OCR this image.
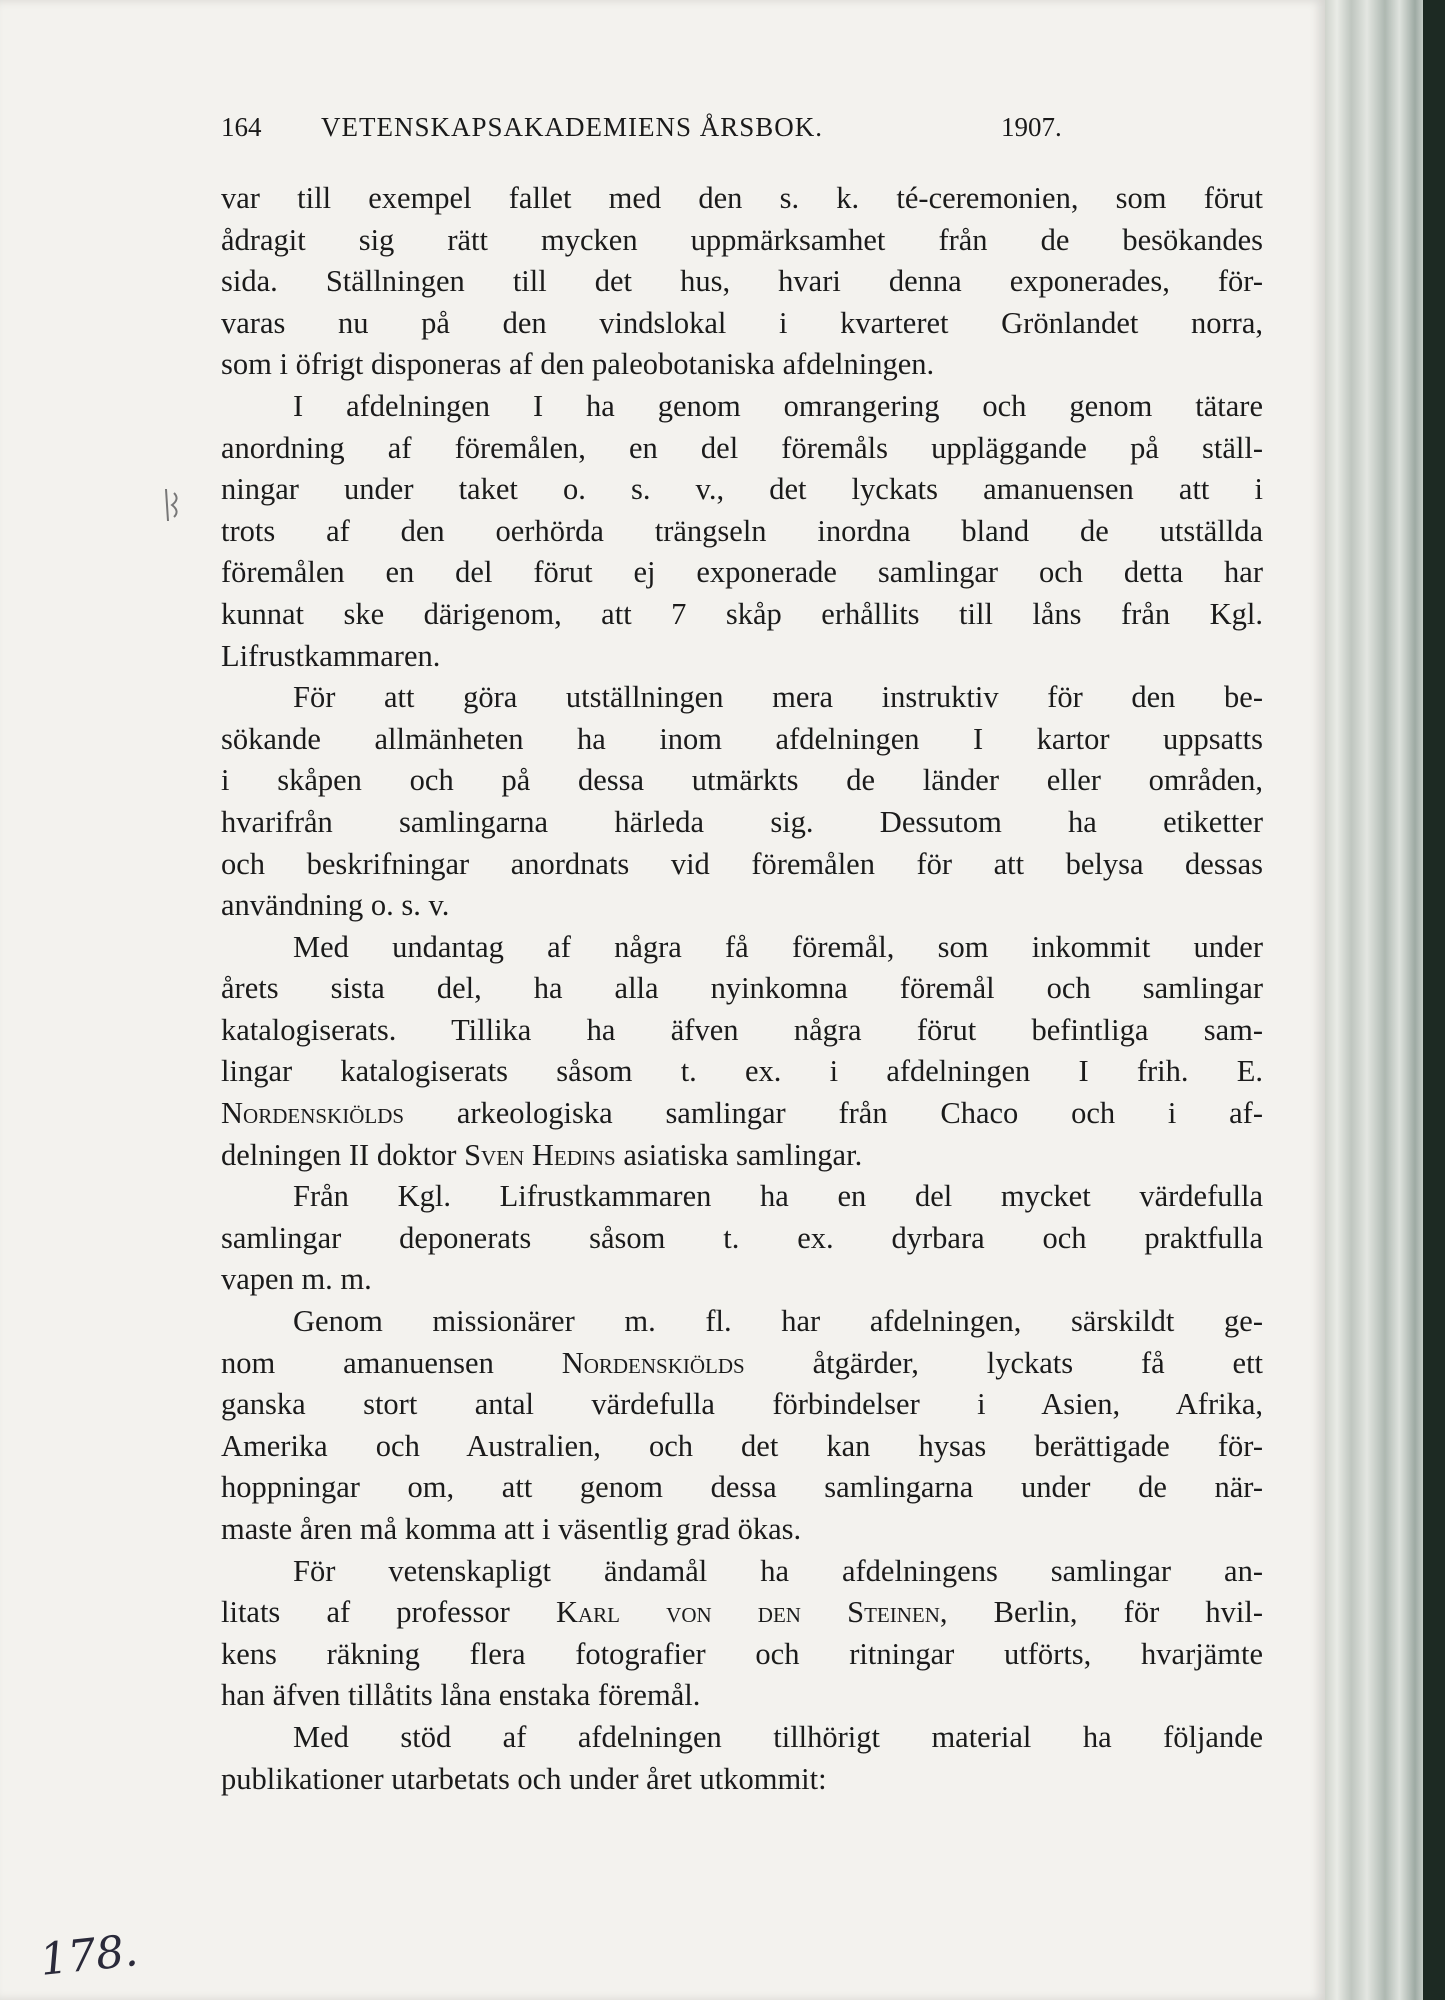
164 VETENSKAPSAKADEMIENS ÅRSBOK.	1907.

var till exempel fallet med den s. k. té-ceremonien, som förut

ådragit sig rätt mycken uppmärksamhet från de besökandes

sida. Ställningen till det hus, hvari denna exponerades, för-

varas nu på den vindslokal i kvarteret Grönlandet norra,

som i öfrigt disponeras af den paleobotaniska afdelningen.

I afdelningen I ha genom omrangering och genom tätare

anordning af föremålen, en del föremåls uppläggande på ställ-

ningar under taket o. s. v., det lyckats amanuensen att i

trots af den oerhörda trängseln inordna bland de utställda

föremålen en del förut ej exponerade samlingar och detta har

kunnat ske därigenom, att 7 skåp erhållits till låns från Kgl.

Lifrustkammaren.

För att göra utställningen mera instruktiv för den be-

sökande allmänheten ha inom afdelningen I kartor uppsatts

i skåpen och på dessa utmärkts de länder eller områden,

hvarifrån samlingarna härleda sig. Dessutom ha etiketter

och beskrifningar anordnats vid föremålen för att belysa dessas

användning o. s. v.

Med undantag af några få föremål, som inkommit under

årets sista del, ha alla nyinkomna föremål och samlingar

katalogiserats. Tillika ha äfven några förut befintliga sam-

lingar katalogiserats såsom t. ex. i afdelningen I frih. E.

Nordenskiölds arkeologiska samlingar från Chaco och i af-

delningen II doktor Sven Hedins asiatiska samlingar.

Från Kgl. Lifrustkammaren ha en del mycket värdefulla

samlingar deponerats såsom t. ex. dyrbara och praktfulla

vapen m. m.

Genom missionärer m. fl. har afdelningen, särskildt ge-

nom amanuensen Nordenskiölds åtgärder, lyckats få ett

ganska stort antal värdefulla förbindelser i Asien, Afrika,

Amerika och Australien, och det kan hysas berättigade för-

hoppningar om, att genom dessa samlingarna under de när-

maste åren må komma att i väsentlig grad ökas.

För vetenskapligt ändamål ha afdelningens samlingar an-

litats af professor Karl von den Steinen, Berlin, för hvil-

kens räkning flera fotografier och ritningar utförts, hvarjämte

han äfven tillåtits låna enstaka föremål.

Med stöd af afdelningen tillhörigt material ha följande

publikationer utarbetats och under året utkommit:

178.
